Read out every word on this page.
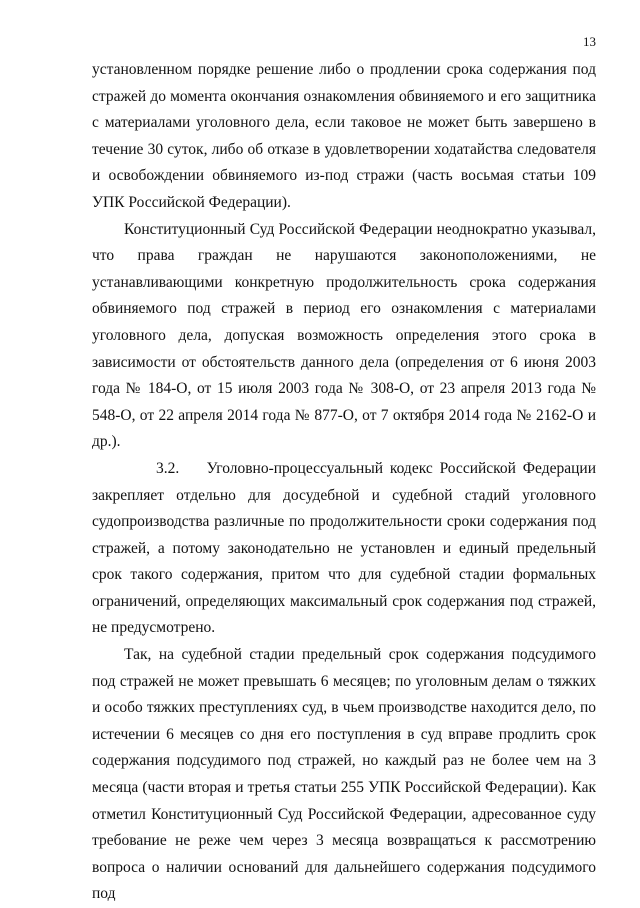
13

установленном порядке решение либо о продлении срока содержания под стражей до момента окончания ознакомления обвиняемого и его защитника с материалами уголовного дела, если таковое не может быть завершено в течение 30 суток, либо об отказе в удовлетворении ходатайства следователя и освобождении обвиняемого из-под стражи (часть восьмая статьи 109 УПК Российской Федерации).

Конституционный Суд Российской Федерации неоднократно указывал, что права граждан не нарушаются законоположениями, не устанавливающими конкретную продолжительность срока содержания обвиняемого под стражей в период его ознакомления с материалами уголовного дела, допуская возможность определения этого срока в зависимости от обстоятельств данного дела (определения от 6 июня 2003 года № 184-О, от 15 июля 2003 года № 308-О, от 23 апреля 2013 года № 548-О, от 22 апреля 2014 года № 877-О, от 7 октября 2014 года № 2162-О и др.).

3.2. Уголовно-процессуальный кодекс Российской Федерации закрепляет отдельно для досудебной и судебной стадий уголовного судопроизводства различные по продолжительности сроки содержания под стражей, а потому законодательно не установлен и единый предельный срок такого содержания, притом что для судебной стадии формальных ограничений, определяющих максимальный срок содержания под стражей, не предусмотрено.

Так, на судебной стадии предельный срок содержания подсудимого под стражей не может превышать 6 месяцев; по уголовным делам о тяжких и особо тяжких преступлениях суд, в чьем производстве находится дело, по истечении 6 месяцев со дня его поступления в суд вправе продлить срок содержания подсудимого под стражей, но каждый раз не более чем на 3 месяца (части вторая и третья статьи 255 УПК Российской Федерации). Как отметил Конституционный Суд Российской Федерации, адресованное суду требование не реже чем через 3 месяца возвращаться к рассмотрению вопроса о наличии оснований для дальнейшего содержания подсудимого под
